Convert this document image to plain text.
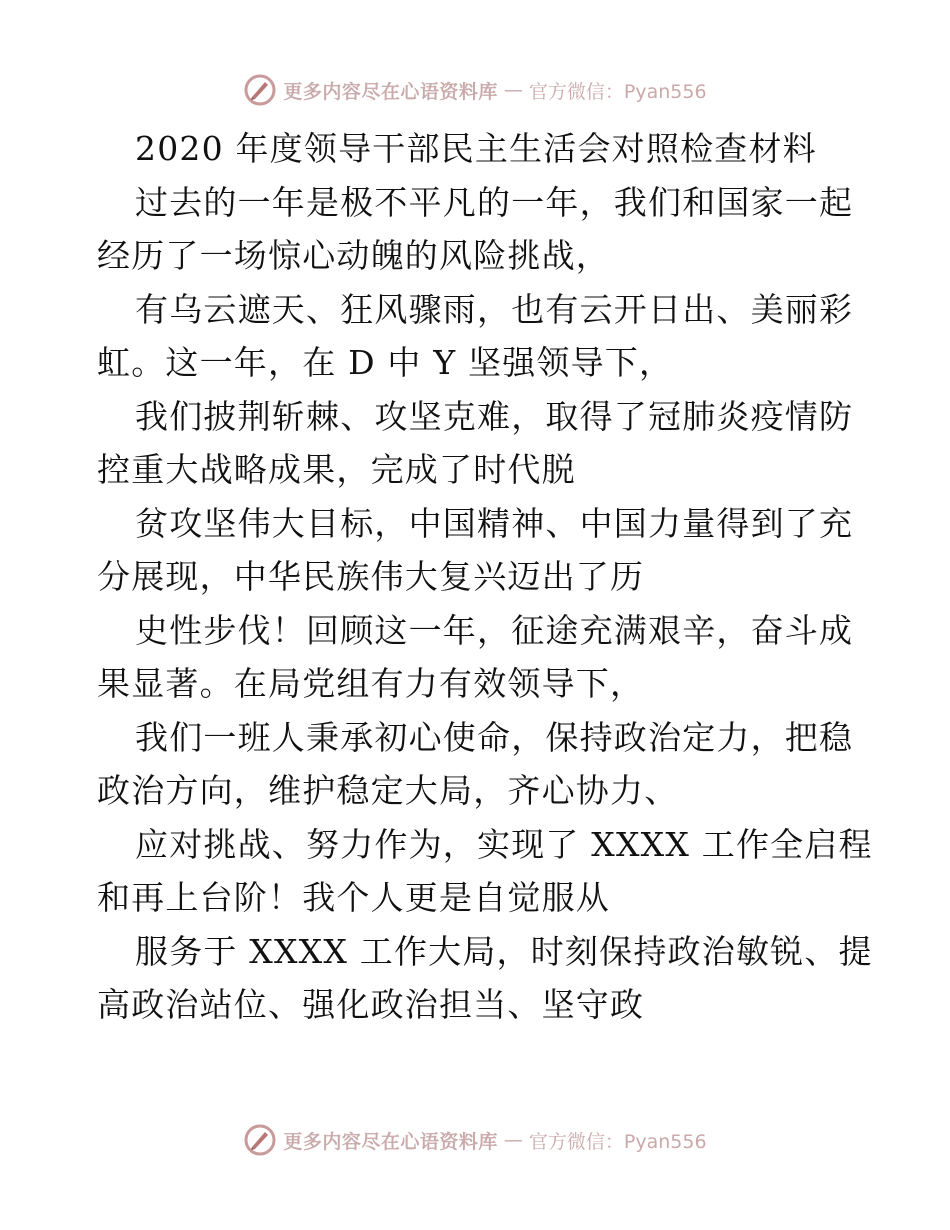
更多内容尽在心语资料库 — 官方微信：Pyan556
2020 年度领导干部民主生活会对照检查材料
过去的一年是极不平凡的一年，我们和国家一起
经历了一场惊心动魄的风险挑战，
有乌云遮天、狂风骤雨，也有云开日出、美丽彩
虹。这一年，在 D 中 Y 坚强领导下，
我们披荆斩棘、攻坚克难，取得了冠肺炎疫情防
控重大战略成果，完成了时代脱
贫攻坚伟大目标，中国精神、中国力量得到了充
分展现，中华民族伟大复兴迈出了历
史性步伐！回顾这一年，征途充满艰辛，奋斗成
果显著。在局党组有力有效领导下，
我们一班人秉承初心使命，保持政治定力，把稳
政治方向，维护稳定大局，齐心协力、
应对挑战、努力作为，实现了 XXXX 工作全启程
和再上台阶！我个人更是自觉服从
服务于 XXXX 工作大局，时刻保持政治敏锐、提
高政治站位、强化政治担当、坚守政
更多内容尽在心语资料库 — 官方微信：Pyan556
